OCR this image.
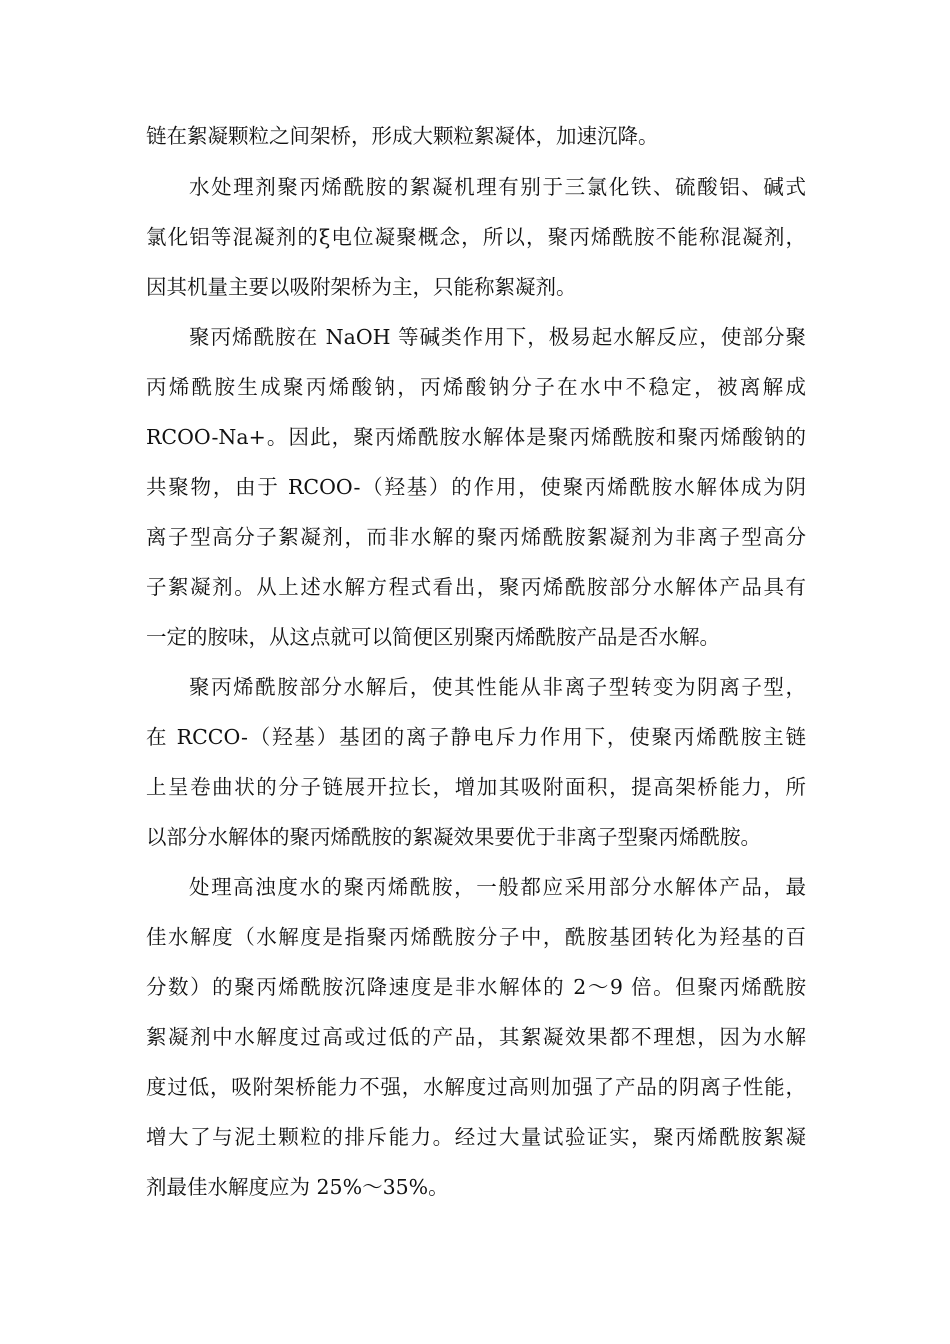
链在絮凝颗粒之间架桥，形成大颗粒絮凝体，加速沉降。

水处理剂聚丙烯酰胺的絮凝机理有别于三氯化铁、硫酸铝、碱式

氯化铝等混凝剂的ξ电位凝聚概念，所以，聚丙烯酰胺不能称混凝剂，

因其机量主要以吸附架桥为主，只能称絮凝剂。

聚丙烯酰胺在 NaOH 等碱类作用下，极易起水解反应，使部分聚

丙烯酰胺生成聚丙烯酸钠，丙烯酸钠分子在水中不稳定，被离解成

RCOO-Na+。因此，聚丙烯酰胺水解体是聚丙烯酰胺和聚丙烯酸钠的

共聚物，由于 RCOO-（羟基）的作用，使聚丙烯酰胺水解体成为阴

离子型高分子絮凝剂，而非水解的聚丙烯酰胺絮凝剂为非离子型高分

子絮凝剂。从上述水解方程式看出，聚丙烯酰胺部分水解体产品具有

一定的胺味，从这点就可以简便区别聚丙烯酰胺产品是否水解。

聚丙烯酰胺部分水解后，使其性能从非离子型转变为阴离子型，

在 RCCO-（羟基）基团的离子静电斥力作用下，使聚丙烯酰胺主链

上呈卷曲状的分子链展开拉长，增加其吸附面积，提高架桥能力，所

以部分水解体的聚丙烯酰胺的絮凝效果要优于非离子型聚丙烯酰胺。

处理高浊度水的聚丙烯酰胺，一般都应采用部分水解体产品，最

佳水解度（水解度是指聚丙烯酰胺分子中，酰胺基团转化为羟基的百

分数）的聚丙烯酰胺沉降速度是非水解体的 2～9 倍。但聚丙烯酰胺

絮凝剂中水解度过高或过低的产品，其絮凝效果都不理想，因为水解

度过低，吸附架桥能力不强，水解度过高则加强了产品的阴离子性能，

增大了与泥土颗粒的排斥能力。经过大量试验证实，聚丙烯酰胺絮凝

剂最佳水解度应为 25%～35%。
